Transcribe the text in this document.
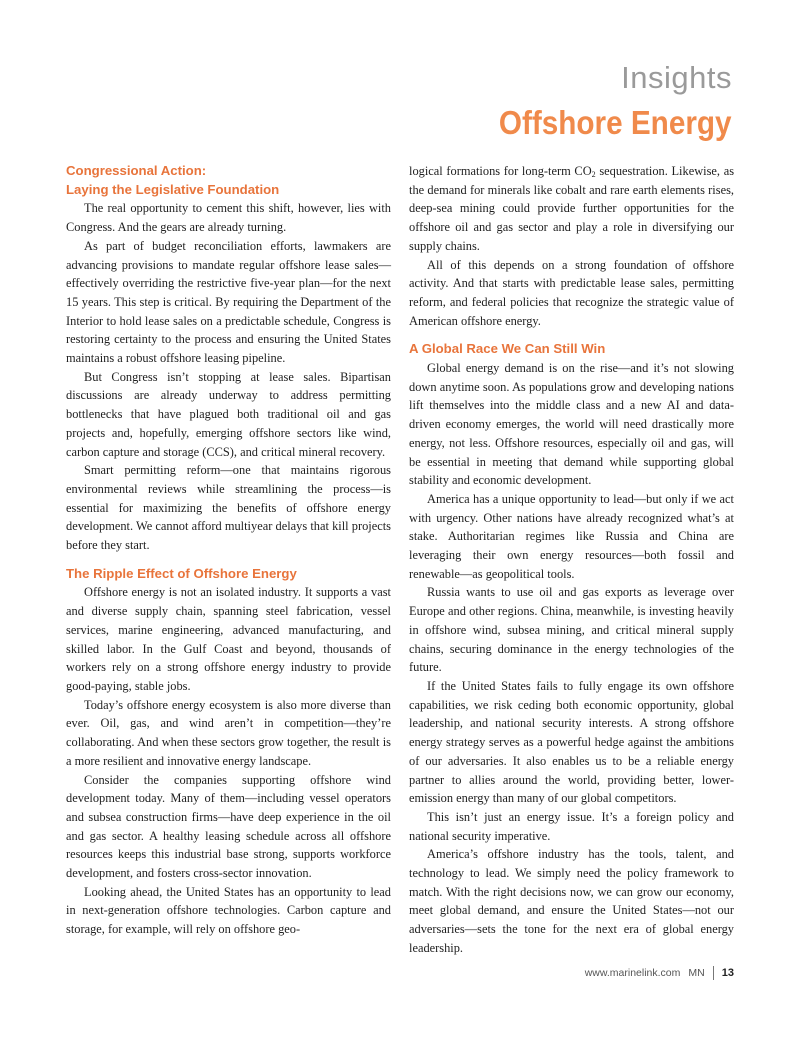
Insights
Offshore Energy
Congressional Action:
Laying the Legislative Foundation

The real opportunity to cement this shift, however, lies with Congress. And the gears are already turning.

As part of budget reconciliation efforts, lawmakers are advancing provisions to mandate regular offshore lease sales—effectively overriding the restrictive five-year plan—for the next 15 years. This step is critical. By requiring the Department of the Interior to hold lease sales on a predictable schedule, Congress is restoring certainty to the process and ensuring the United States maintains a robust offshore leasing pipeline.

But Congress isn’t stopping at lease sales. Bipartisan discussions are already underway to address permitting bottlenecks that have plagued both traditional oil and gas projects and, hopefully, emerging offshore sectors like wind, carbon capture and storage (CCS), and critical mineral recovery.

Smart permitting reform—one that maintains rigorous environmental reviews while streamlining the process—is essential for maximizing the benefits of offshore energy development. We cannot afford multiyear delays that kill projects before they start.

The Ripple Effect of Offshore Energy

Offshore energy is not an isolated industry. It supports a vast and diverse supply chain, spanning steel fabrication, vessel services, marine engineering, advanced manufacturing, and skilled labor. In the Gulf Coast and beyond, thousands of workers rely on a strong offshore energy industry to provide good-paying, stable jobs.

Today’s offshore energy ecosystem is also more diverse than ever. Oil, gas, and wind aren’t in competition—they’re collaborating. And when these sectors grow together, the result is a more resilient and innovative energy landscape.

Consider the companies supporting offshore wind development today. Many of them—including vessel operators and subsea construction firms—have deep experience in the oil and gas sector. A healthy leasing schedule across all offshore resources keeps this industrial base strong, supports workforce development, and fosters cross-sector innovation.

Looking ahead, the United States has an opportunity to lead in next-generation offshore technologies. Carbon capture and storage, for example, will rely on offshore geo-

logical formations for long-term $CO_2$ sequestration. Likewise, as the demand for minerals like cobalt and rare earth elements rises, deep-sea mining could provide further opportunities for the offshore oil and gas sector and play a role in diversifying our supply chains.

All of this depends on a strong foundation of offshore activity. And that starts with predictable lease sales, permitting reform, and federal policies that recognize the strategic value of American offshore energy.

A Global Race We Can Still Win

Global energy demand is on the rise—and it’s not slowing down anytime soon. As populations grow and developing nations lift themselves into the middle class and a new AI and data-driven economy emerges, the world will need drastically more energy, not less. Offshore resources, especially oil and gas, will be essential in meeting that demand while supporting global stability and economic development.

America has a unique opportunity to lead—but only if we act with urgency. Other nations have already recognized what’s at stake. Authoritarian regimes like Russia and China are leveraging their own energy resources—both fossil and renewable—as geopolitical tools.

Russia wants to use oil and gas exports as leverage over Europe and other regions. China, meanwhile, is investing heavily in offshore wind, subsea mining, and critical mineral supply chains, securing dominance in the energy technologies of the future.

If the United States fails to fully engage its own offshore capabilities, we risk ceding both economic opportunity, global leadership, and national security interests. A strong offshore energy strategy serves as a powerful hedge against the ambitions of our adversaries. It also enables us to be a reliable energy partner to allies around the world, providing better, lower-emission energy than many of our global competitors.

This isn’t just an energy issue. It’s a foreign policy and national security imperative.

America’s offshore industry has the tools, talent, and technology to lead. We simply need the policy framework to match. With the right decisions now, we can grow our economy, meet global demand, and ensure the United States—not our adversaries—sets the tone for the next era of global energy leadership.

www.marinelink.com MN 13
